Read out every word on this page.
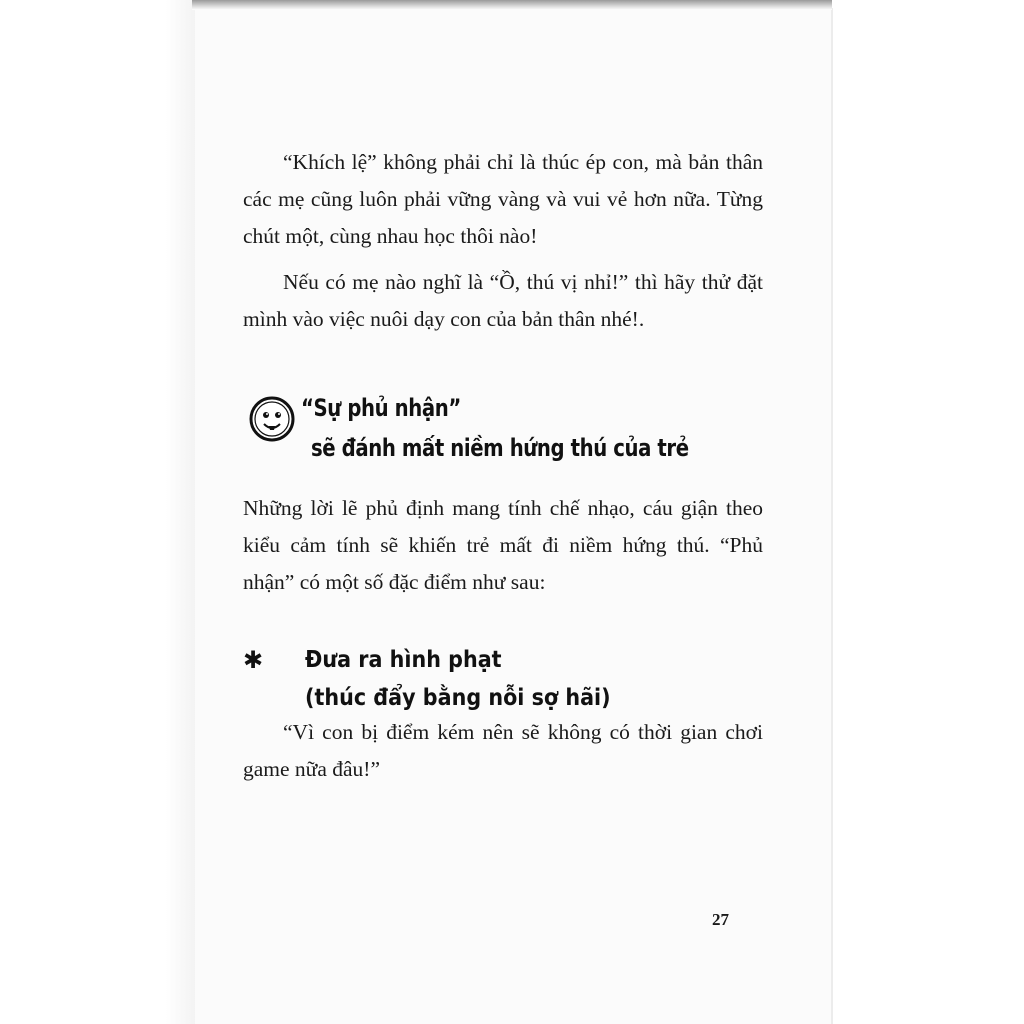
“Khích lệ” không phải chỉ là thúc ép con, mà bản thân các mẹ cũng luôn phải vững vàng và vui vẻ hơn nữa. Từng chút một, cùng nhau học thôi nào!

Nếu có mẹ nào nghĩ là “Ồ, thú vị nhỉ!” thì hãy thử đặt mình vào việc nuôi dạy con của bản thân nhé!.

“Sự phủ nhận”
sẽ đánh mất niềm hứng thú của trẻ

Những lời lẽ phủ định mang tính chế nhạo, cáu giận theo kiểu cảm tính sẽ khiến trẻ mất đi niềm hứng thú. “Phủ nhận” có một số đặc điểm như sau:

✱ Đưa ra hình phạt
(thúc đẩy bằng nỗi sợ hãi)

“Vì con bị điểm kém nên sẽ không có thời gian chơi game nữa đâu!”

27
